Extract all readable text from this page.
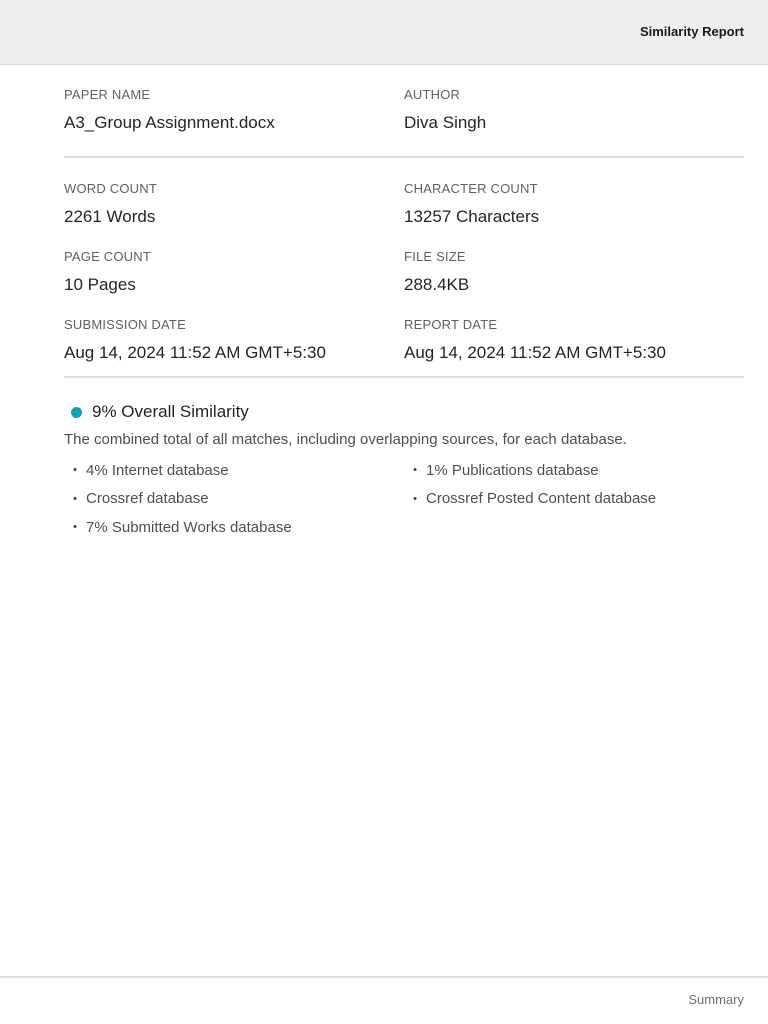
Similarity Report
PAPER NAME
A3_Group Assignment.docx
AUTHOR
Diva Singh
WORD COUNT
2261 Words
CHARACTER COUNT
13257 Characters
PAGE COUNT
10 Pages
FILE SIZE
288.4KB
SUBMISSION DATE
Aug 14, 2024 11:52 AM GMT+5:30
REPORT DATE
Aug 14, 2024 11:52 AM GMT+5:30
9% Overall Similarity
The combined total of all matches, including overlapping sources, for each database.
• 4% Internet database
• Crossref database
• 7% Submitted Works database
• 1% Publications database
• Crossref Posted Content database
Summary
